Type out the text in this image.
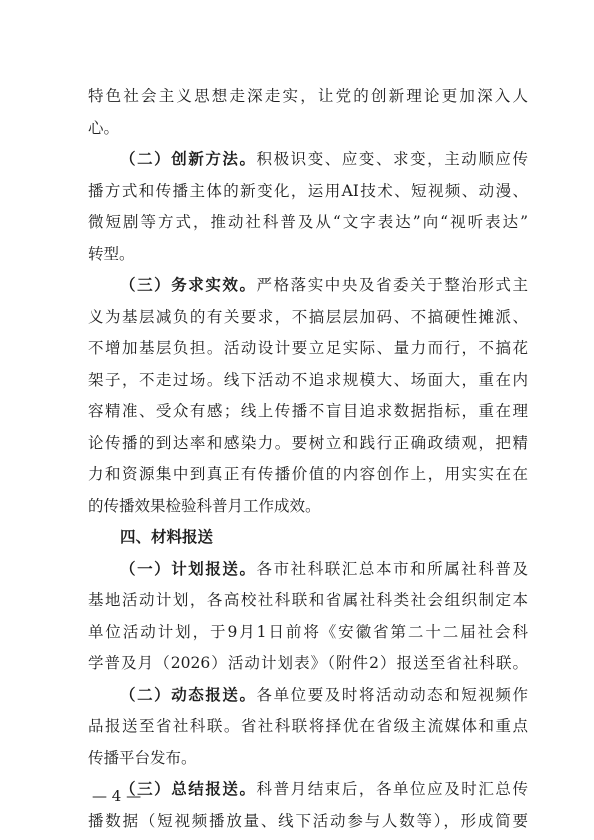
特色社会主义思想走深走实，让党的创新理论更加深入人
心。
（二）创新方法。积极识变、应变、求变，主动顺应传
播方式和传播主体的新变化，运用AI技术、短视频、动漫、
微短剧等方式，推动社科普及从“文字表达”向“视听表达”
转型。
（三）务求实效。严格落实中央及省委关于整治形式主
义为基层减负的有关要求，不搞层层加码、不搞硬性摊派、
不增加基层负担。活动设计要立足实际、量力而行，不搞花
架子，不走过场。线下活动不追求规模大、场面大，重在内
容精准、受众有感；线上传播不盲目追求数据指标，重在理
论传播的到达率和感染力。要树立和践行正确政绩观，把精
力和资源集中到真正有传播价值的内容创作上，用实实在在
的传播效果检验科普月工作成效。
四、材料报送
（一）计划报送。各市社科联汇总本市和所属社科普及
基地活动计划，各高校社科联和省属社科类社会组织制定本
单位活动计划，于9月1日前将《安徽省第二十二届社会科
学普及月（2026）活动计划表》（附件2）报送至省社科联。
（二）动态报送。各单位要及时将活动动态和短视频作
品报送至省社科联。省社科联将择优在省级主流媒体和重点
传播平台发布。
（三）总结报送。科普月结束后，各单位应及时汇总传
播数据（短视频播放量、线下活动参与人数等），形成简要
— 4 —
